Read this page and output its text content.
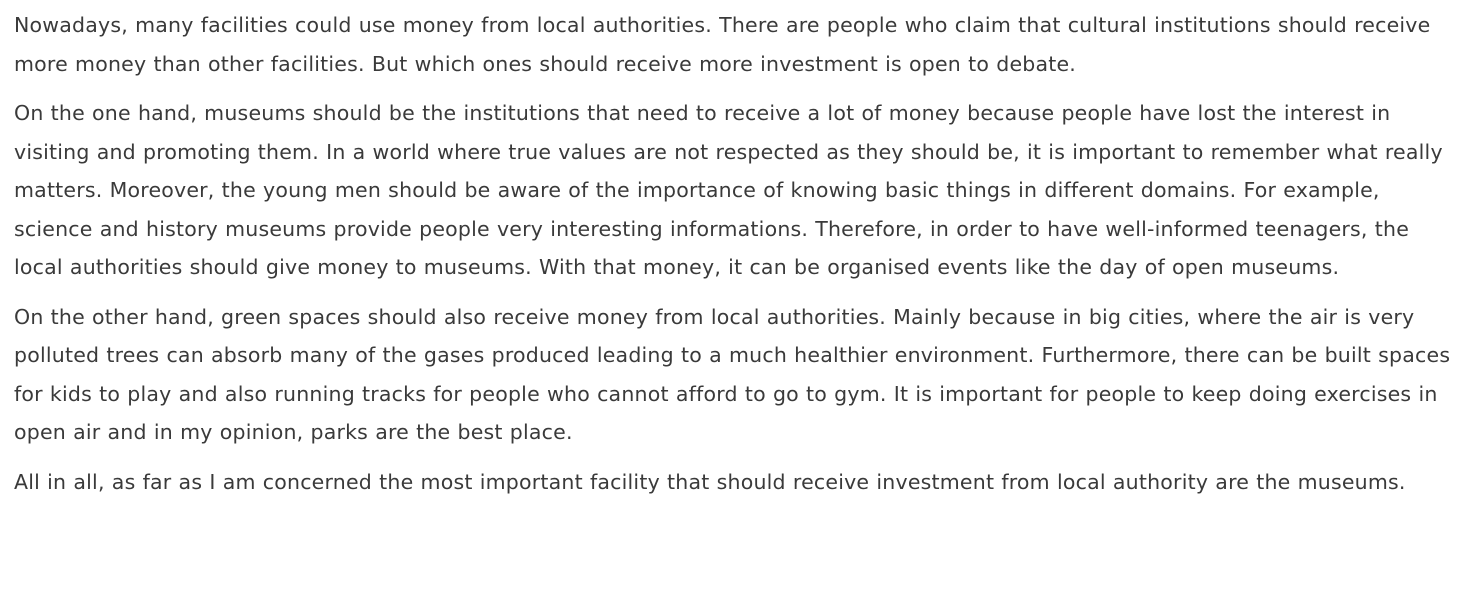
Nowadays, many facilities could use money from local authorities. There are people who claim that cultural institutions should receive more money than other facilities. But which ones should receive more investment is open to debate.

On the one hand, museums should be the institutions that need to receive a lot of money because people have lost the interest in visiting and promoting them. In a world where true values are not respected as they should be, it is important to remember what really matters. Moreover, the young men should be aware of the importance of knowing basic things in different domains. For example, science and history museums provide people very interesting informations. Therefore, in order to have well-informed teenagers, the local authorities should give money to museums. With that money, it can be organised events like the day of open museums.

On the other hand, green spaces should also receive money from local authorities. Mainly because in big cities, where the air is very polluted trees can absorb many of the gases produced leading to a much healthier environment. Furthermore, there can be built spaces for kids to play and also running tracks for people who cannot afford to go to gym. It is important for people to keep doing exercises in open air and in my opinion, parks are the best place.

All in all, as far as I am concerned the most important facility that should receive investment from local authority are the museums.
